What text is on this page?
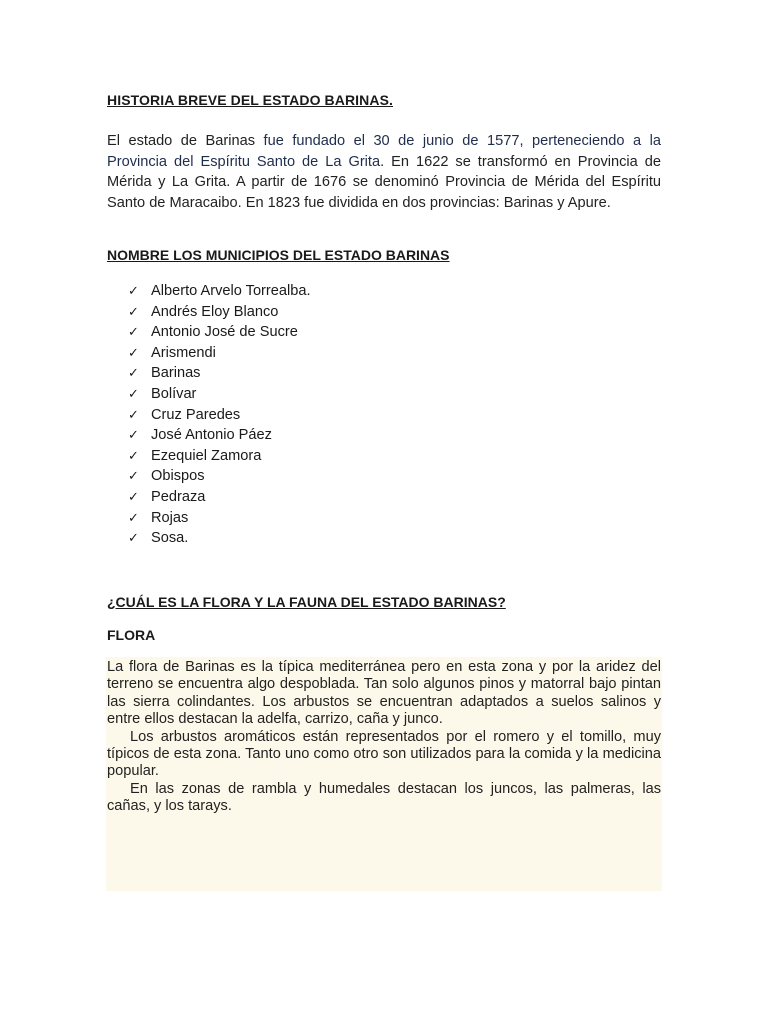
HISTORIA BREVE DEL ESTADO BARINAS.
El estado de Barinas fue fundado el 30 de junio de 1577, perteneciendo a la Provincia del Espíritu Santo de La Grita. En 1622 se transformó en Provincia de Mérida y La Grita. A partir de 1676 se denominó Provincia de Mérida del Espíritu Santo de Maracaibo. En 1823 fue dividida en dos provincias: Barinas y Apure.
NOMBRE LOS MUNICIPIOS DEL ESTADO BARINAS
✓ Alberto Arvelo Torrealba.
✓ Andrés Eloy Blanco
✓ Antonio José de Sucre
✓ Arismendi
✓ Barinas
✓ Bolívar
✓ Cruz Paredes
✓ José Antonio Páez
✓ Ezequiel Zamora
✓ Obispos
✓ Pedraza
✓ Rojas
✓ Sosa.
¿CUÁL ES LA FLORA Y LA FAUNA DEL ESTADO BARINAS?
FLORA

La flora de Barinas es la típica mediterránea pero en esta zona y por la aridez del terreno se encuentra algo despoblada. Tan solo algunos pinos y matorral bajo pintan las sierra colindantes. Los arbustos se encuentran adaptados a suelos salinos y entre ellos destacan la adelfa, carrizo, caña y junco.

Los arbustos aromáticos están representados por el romero y el tomillo, muy típicos de esta zona. Tanto uno como otro son utilizados para la comida y la medicina popular.

En las zonas de rambla y humedales destacan los juncos, las palmeras, las cañas, y los tarays.
